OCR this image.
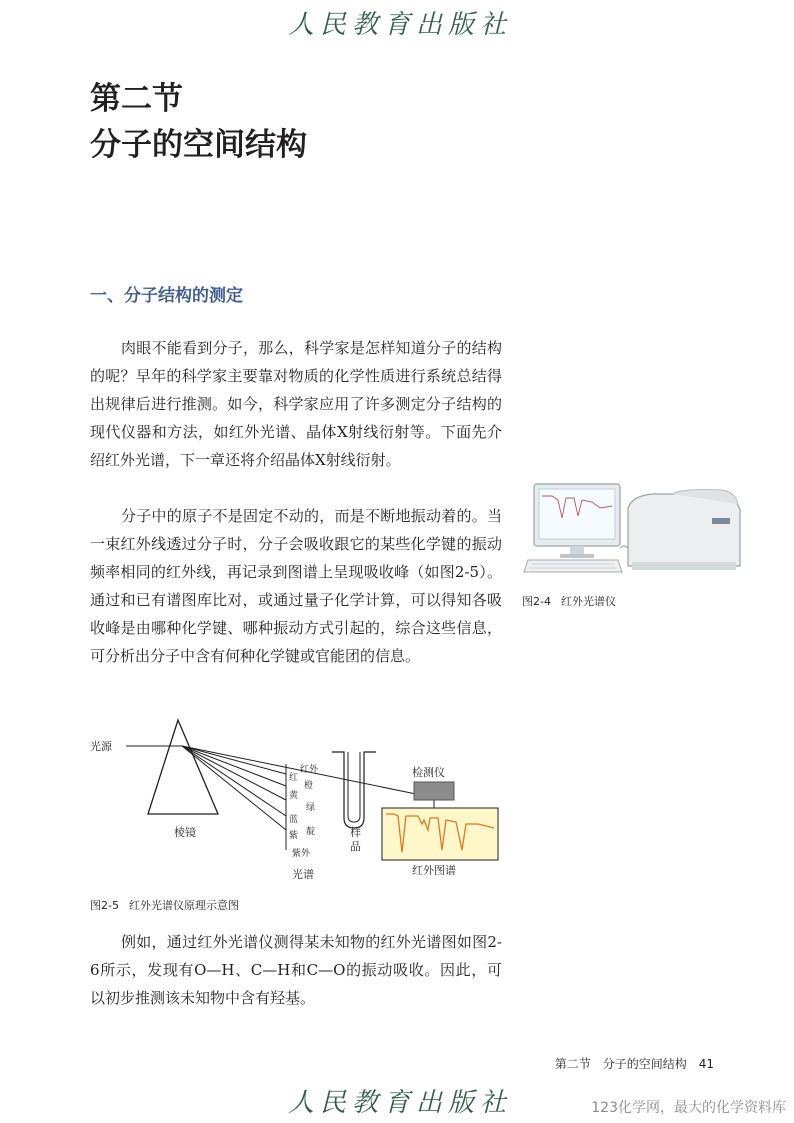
人民教育出版社
第二节
分子的空间结构
一、分子结构的测定

肉眼不能看到分子，那么，科学家是怎样知道分子的结构的呢？早年的科学家主要靠对物质的化学性质进行系统总结得出规律后进行推测。如今，科学家应用了许多测定分子结构的现代仪器和方法，如红外光谱、晶体X射线衍射等。下面先介绍红外光谱，下一章还将介绍晶体X射线衍射。

分子中的原子不是固定不动的，而是不断地振动着的。当一束红外线透过分子时，分子会吸收跟它的某些化学键的振动频率相同的红外线，再记录到图谱上呈现吸收峰（如图2-5）。通过和已有谱图库比对，或通过量子化学计算，可以得知各吸收峰是由哪种化学键、哪种振动方式引起的，综合这些信息，可分析出分子中含有何种化学键或官能团的信息。

例如，通过红外光谱仪测得某未知物的红外光谱图如图2-6所示，发现有O—H、C—H和C—O的振动吸收。因此，可以初步推测该未知物中含有羟基。

图2-4 红外光谱仪
光源
棱镜
红外
红
橙
黄
绿
蓝
靛
紫
紫外
光谱
样
品
检测仪
红外图谱
图2-5 红外光谱仪原理示意图
第二节　分子的空间结构 41
人民教育出版社	123化学网，最大的化学资料库
